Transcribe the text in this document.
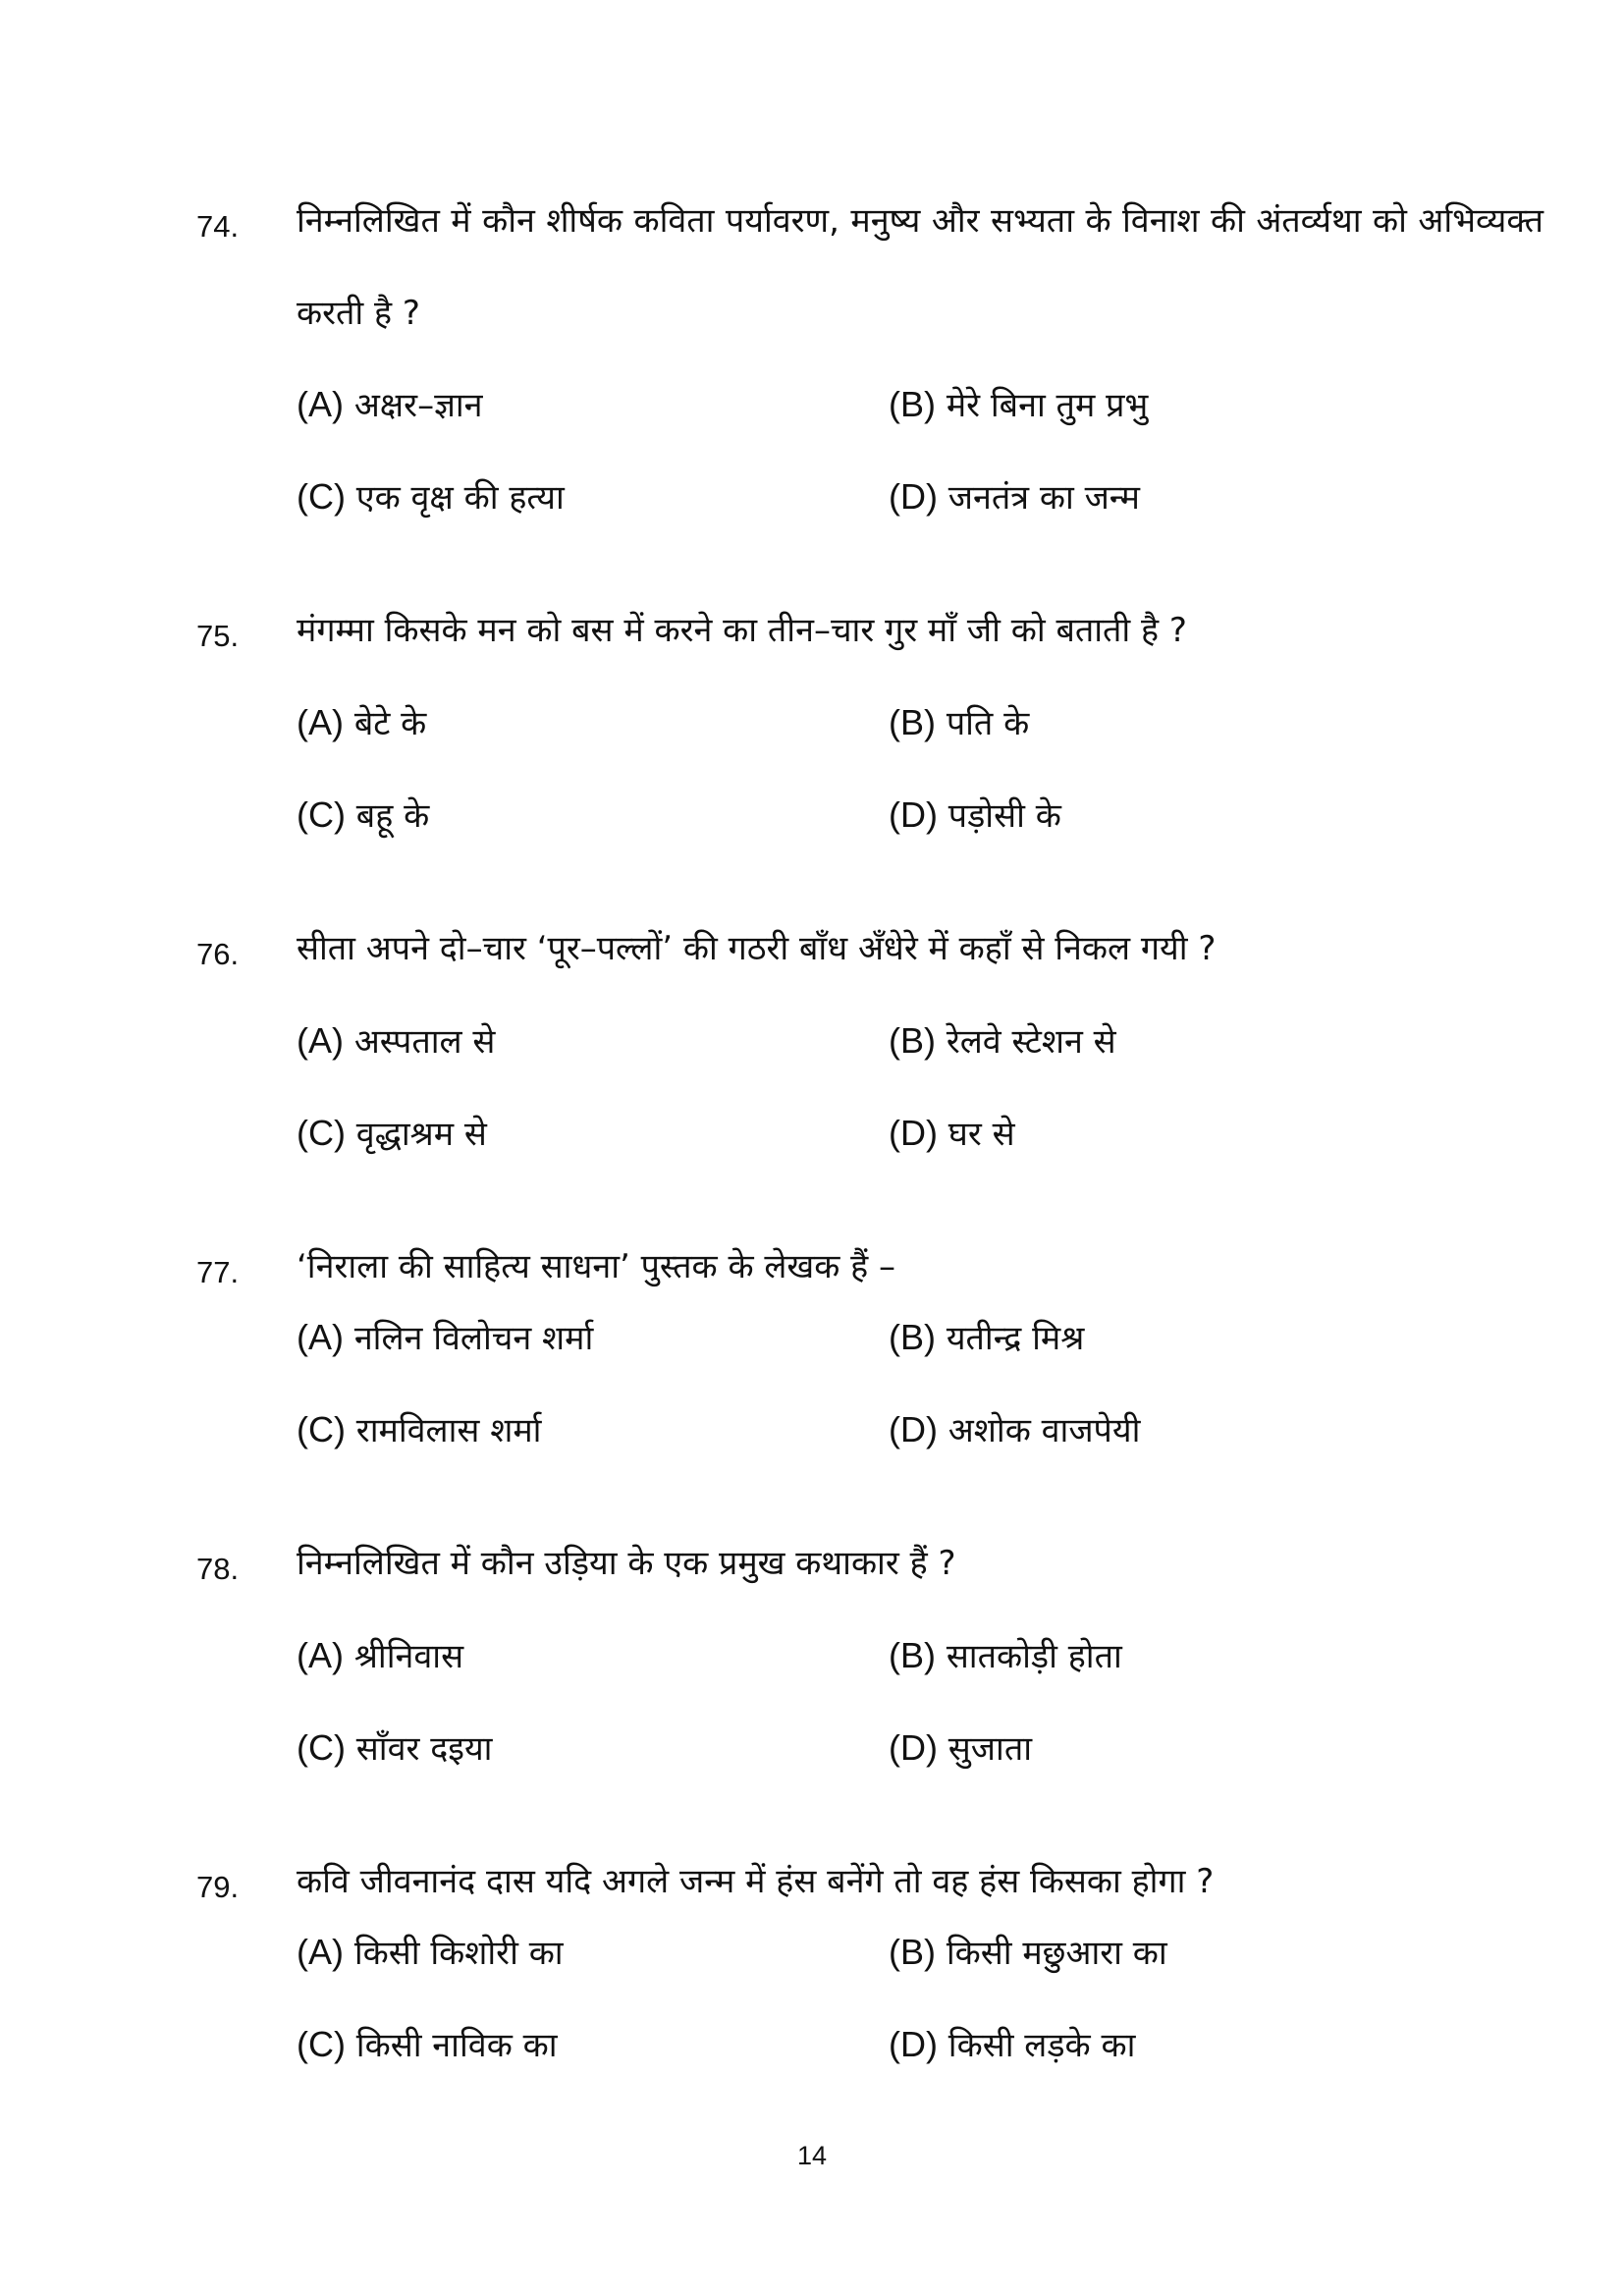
74. निम्नलिखित में कौन शीर्षक कविता पर्यावरण, मनुष्य और सभ्यता के विनाश की अंतर्व्यथा को अभिव्यक्त करती है ?
(A) अक्षर–ज्ञान	(B) मेरे बिना तुम प्रभु
(C) एक वृक्ष की हत्या	(D) जनतंत्र का जन्म
75. मंगम्मा किसके मन को बस में करने का तीन–चार गुर माँ जी को बताती है ?
(A) बेटे के	(B) पति के
(C) बहू के	(D) पड़ोसी के
76. सीता अपने दो–चार ‘पूर–पल्लों’ की गठरी बाँध अँधेरे में कहाँ से निकल गयी ?
(A) अस्पताल से	(B) रेलवे स्टेशन से
(C) वृद्धाश्रम से	(D) घर से
77. ‘निराला की साहित्य साधना’ पुस्तक के लेखक हैं –
(A) नलिन विलोचन शर्मा	(B) यतीन्द्र मिश्र
(C) रामविलास शर्मा	(D) अशोक वाजपेयी
78. निम्नलिखित में कौन उड़िया के एक प्रमुख कथाकार हैं ?
(A) श्रीनिवास	(B) सातकोड़ी होता
(C) साँवर दइया	(D) सुजाता
79. कवि जीवनानंद दास यदि अगले जन्म में हंस बनेंगे तो वह हंस किसका होगा ?
(A) किसी किशोरी का	(B) किसी मछुआरा का
(C) किसी नाविक का	(D) किसी लड़के का
14
